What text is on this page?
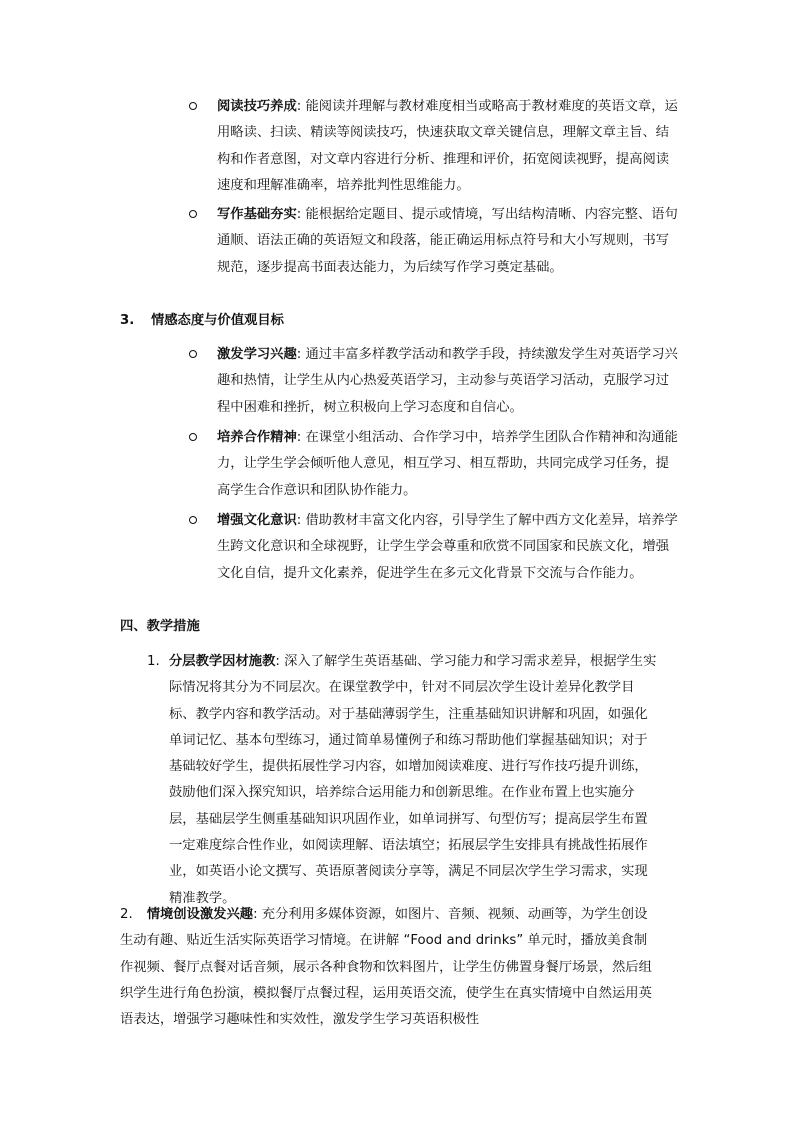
阅读技巧养成: 能阅读并理解与教材难度相当或略高于教材难度的英语文章，运用略读、扫读、精读等阅读技巧，快速获取文章关键信息，理解文章主旨、结构和作者意图，对文章内容进行分析、推理和评价，拓宽阅读视野，提高阅读速度和理解准确率，培养批判性思维能力。
写作基础夯实: 能根据给定题目、提示或情境，写出结构清晰、内容完整、语句通顺、语法正确的英语短文和段落，能正确运用标点符号和大小写规则，书写规范，逐步提高书面表达能力，为后续写作学习奠定基础。
3. 情感态度与价值观目标
激发学习兴趣: 通过丰富多样教学活动和教学手段，持续激发学生对英语学习兴趣和热情，让学生从内心热爱英语学习，主动参与英语学习活动，克服学习过程中困难和挫折，树立积极向上学习态度和自信心。
培养合作精神: 在课堂小组活动、合作学习中，培养学生团队合作精神和沟通能力，让学生学会倾听他人意见，相互学习、相互帮助，共同完成学习任务，提高学生合作意识和团队协作能力。
增强文化意识: 借助教材丰富文化内容，引导学生了解中西方文化差异，培养学生跨文化意识和全球视野，让学生学会尊重和欣赏不同国家和民族文化，增强文化自信，提升文化素养，促进学生在多元文化背景下交流与合作能力。
四、教学措施
1. 分层教学因材施教: 深入了解学生英语基础、学习能力和学习需求差异，根据学生实际情况将其分为不同层次。在课堂教学中，针对不同层次学生设计差异化教学目标、教学内容和教学活动。对于基础薄弱学生，注重基础知识讲解和巩固，如强化单词记忆、基本句型练习，通过简单易懂例子和练习帮助他们掌握基础知识；对于基础较好学生，提供拓展性学习内容，如增加阅读难度、进行写作技巧提升训练，鼓励他们深入探究知识，培养综合运用能力和创新思维。在作业布置上也实施分层，基础层学生侧重基础知识巩固作业，如单词拼写、句型仿写；提高层学生布置一定难度综合性作业，如阅读理解、语法填空；拓展层学生安排具有挑战性拓展作业，如英语小论文撰写、英语原著阅读分享等，满足不同层次学生学习需求，实现精准教学。
2. 情境创设激发兴趣: 充分利用多媒体资源，如图片、音频、视频、动画等，为学生创设生动有趣、贴近生活实际英语学习情境。在讲解 “Food and drinks” 单元时，播放美食制作视频、餐厅点餐对话音频，展示各种食物和饮料图片，让学生仿佛置身餐厅场景，然后组织学生进行角色扮演，模拟餐厅点餐过程，运用英语交流，使学生在真实情境中自然运用英语表达，增强学习趣味性和实效性，激发学生学习英语积极性
